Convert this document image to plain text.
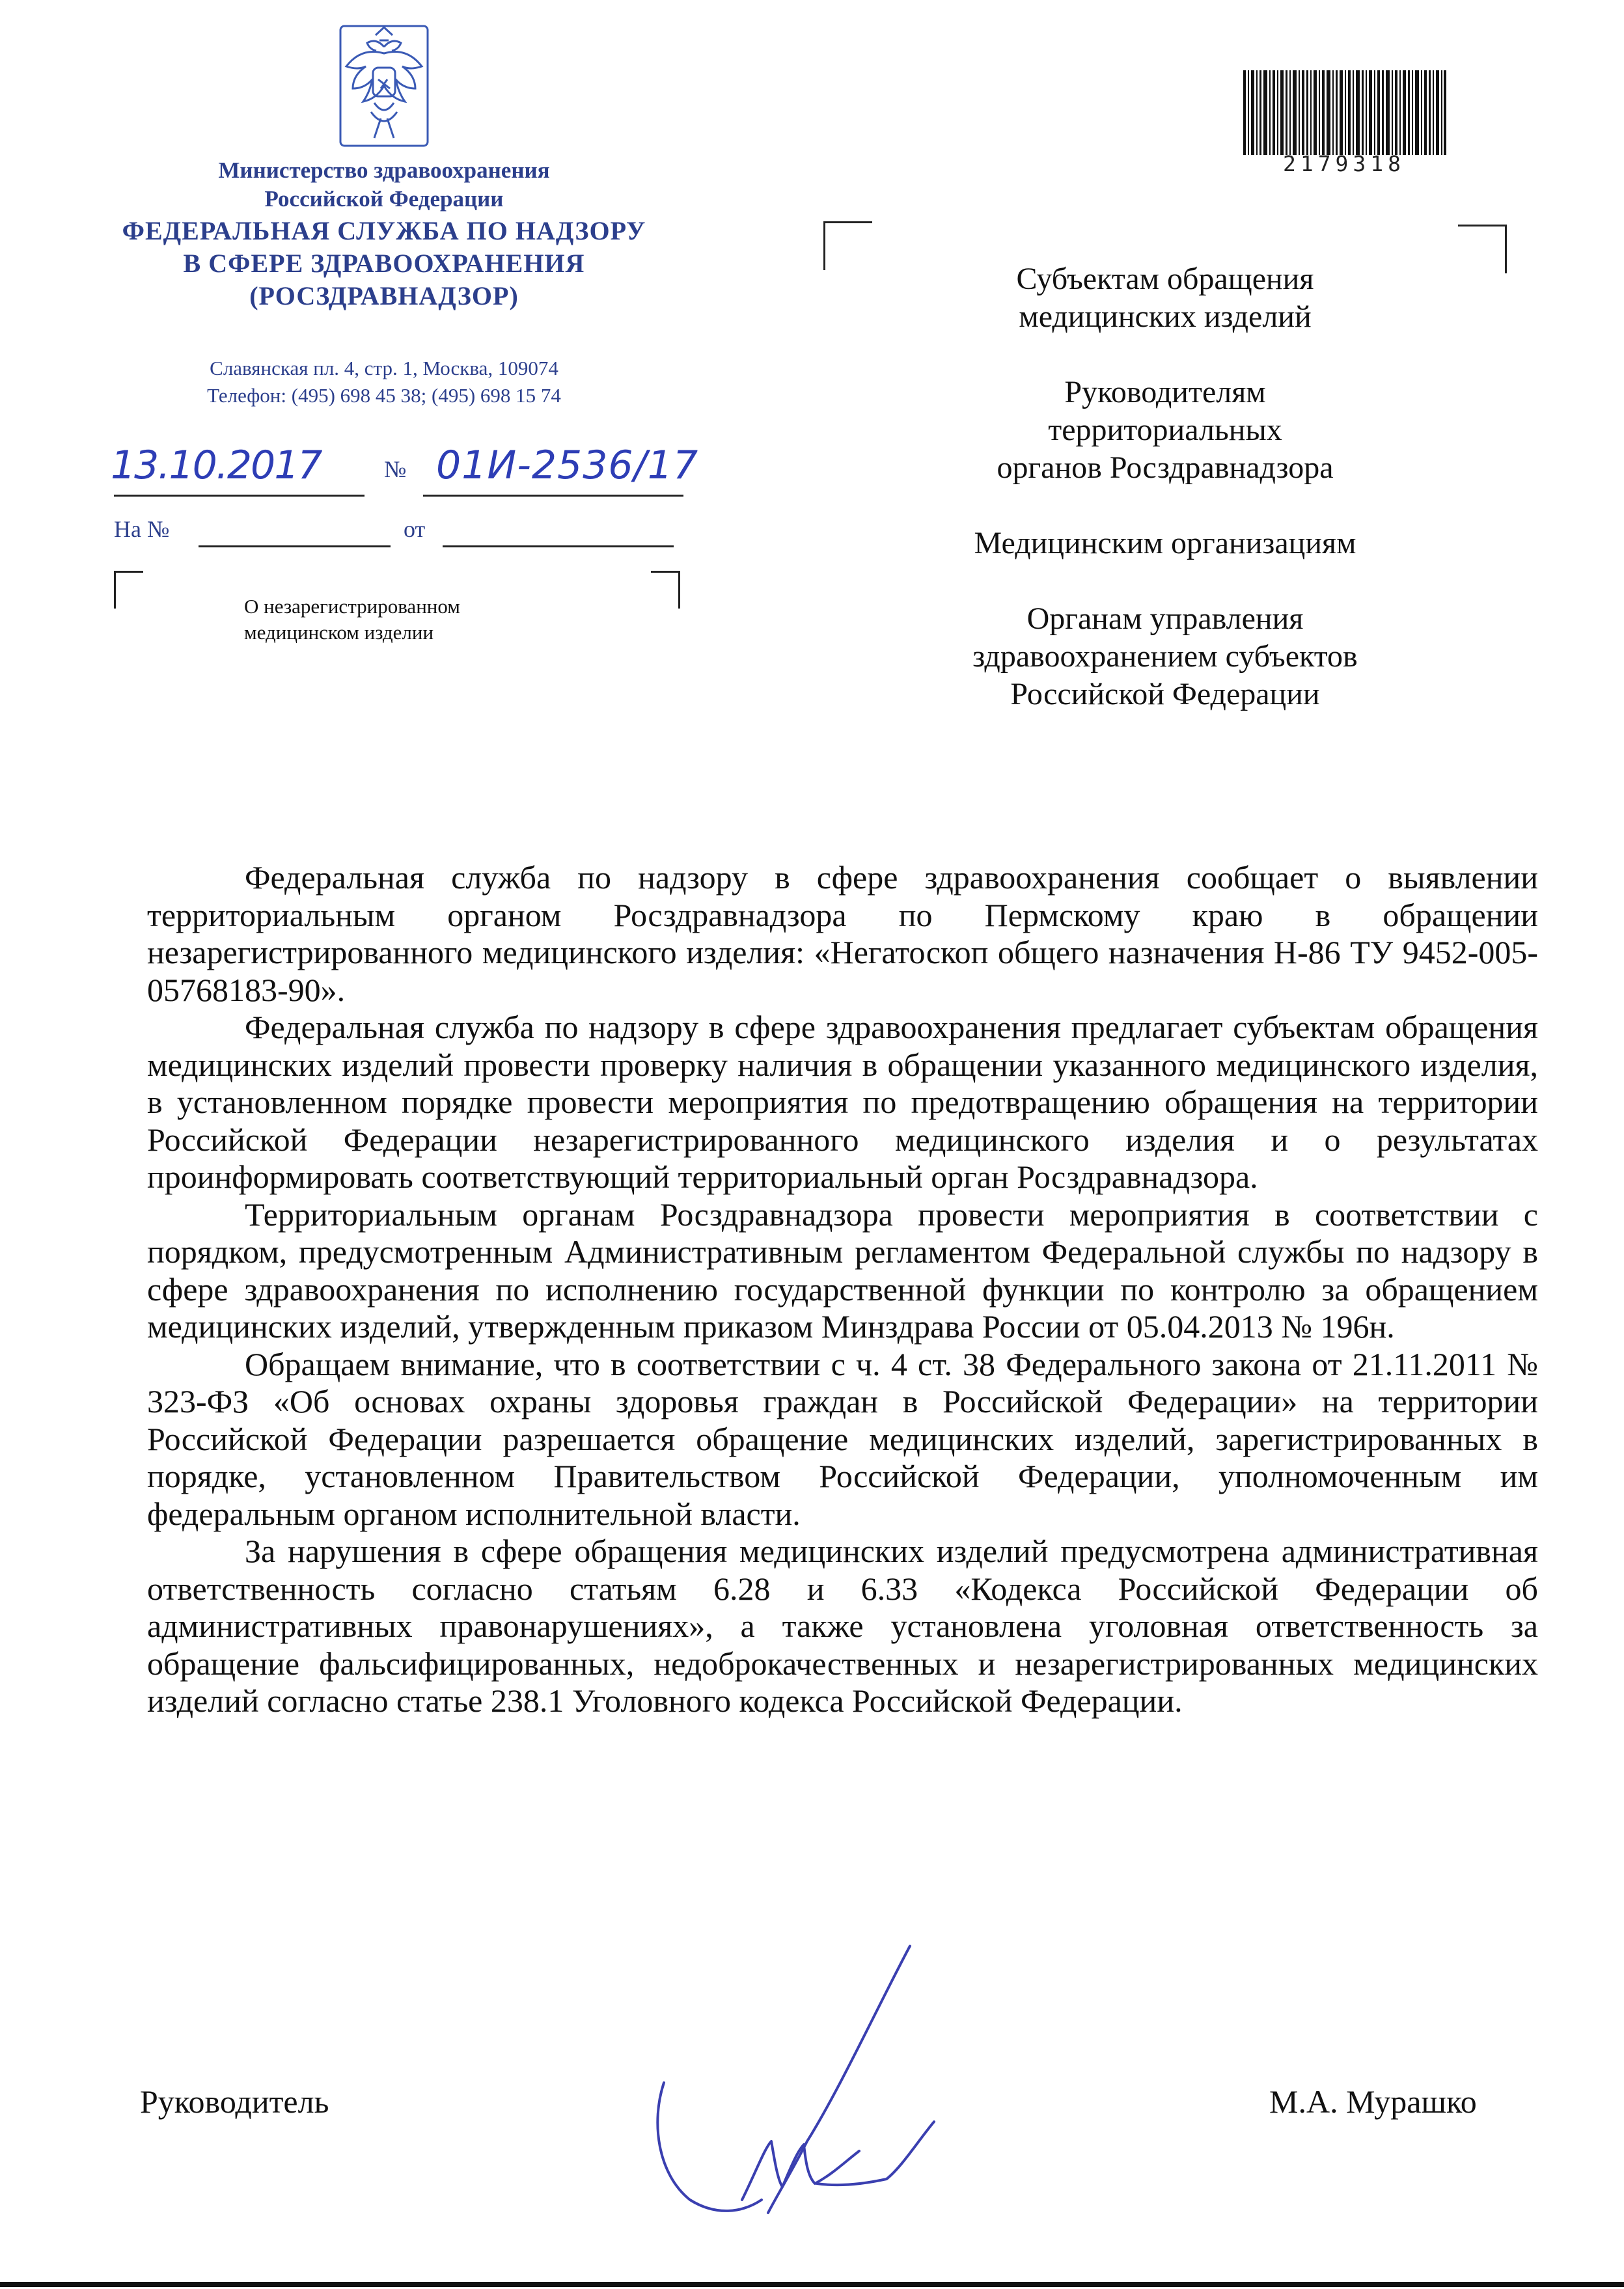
Министерство здравоохранения
Российской Федерации
ФЕДЕРАЛЬНАЯ СЛУЖБА ПО НАДЗОРУ
В СФЕРЕ ЗДРАВООХРАНЕНИЯ
(РОСЗДРАВНАДЗОР)
Славянская пл. 4, стр. 1, Москва, 109074
Телефон: (495) 698 45 38; (495) 698 15 74
13.10.2017	№ 01И-2536/17
На №	от
О незарегистрированном
медицинском изделии
2179318
Субъектам обращения
медицинских изделий
Руководителям
территориальных
органов Росздравнадзора
Медицинским организациям
Органам управления
здравоохранением субъектов
Российской Федерации

Федеральная служба по надзору в сфере здравоохранения сообщает о выявлении территориальным органом Росздравнадзора по Пермскому краю в обращении незарегистрированного медицинского изделия: «Негатоскоп общего назначения Н-86 ТУ 9452-005-05768183-90».

Федеральная служба по надзору в сфере здравоохранения предлагает субъектам обращения медицинских изделий провести проверку наличия в обращении указанного медицинского изделия, в установленном порядке провести мероприятия по предотвращению обращения на территории Российской Федерации незарегистрированного медицинского изделия и о результатах проинформировать соответствующий территориальный орган Росздравнадзора.

Территориальным органам Росздравнадзора провести мероприятия в соответствии с порядком, предусмотренным Административным регламентом Федеральной службы по надзору в сфере здравоохранения по исполнению государственной функции по контролю за обращением медицинских изделий, утвержденным приказом Минздрава России от 05.04.2013 № 196н.

Обращаем внимание, что в соответствии с ч. 4 ст. 38 Федерального закона от 21.11.2011 № 323-ФЗ «Об основах охраны здоровья граждан в Российской Федерации» на территории Российской Федерации разрешается обращение медицинских изделий, зарегистрированных в порядке, установленном Правительством Российской Федерации, уполномоченным им федеральным органом исполнительной власти.

За нарушения в сфере обращения медицинских изделий предусмотрена административная ответственность согласно статьям 6.28 и 6.33 «Кодекса Российской Федерации об административных правонарушениях», а также установлена уголовная ответственность за обращение фальсифицированных, недоброкачественных и незарегистрированных медицинских изделий согласно статье 238.1 Уголовного кодекса Российской Федерации.

Руководитель	М.А. Мурашко
